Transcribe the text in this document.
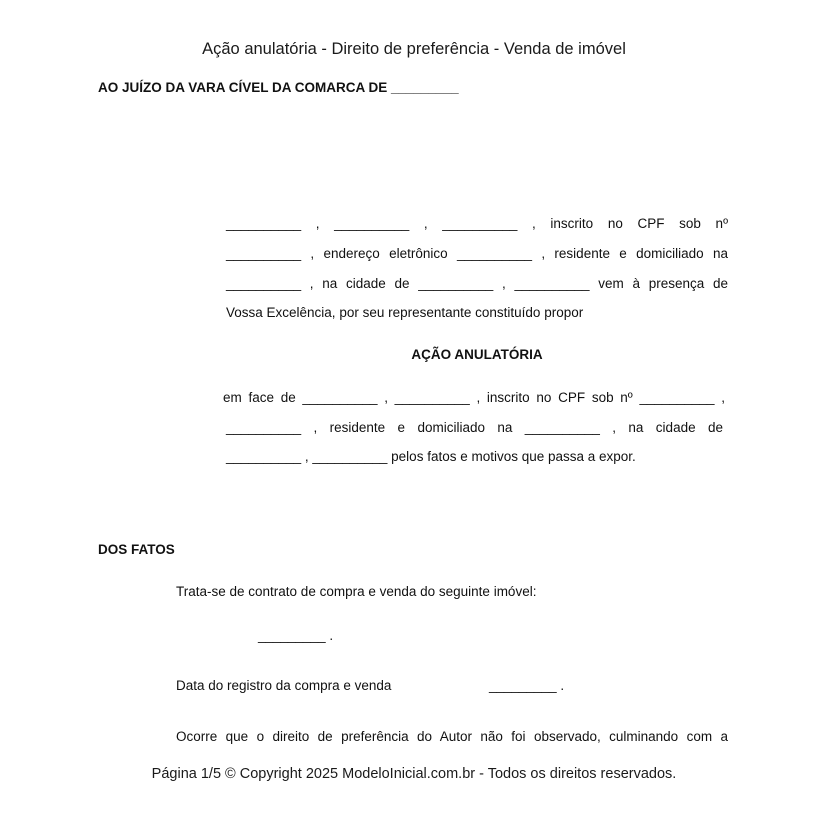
Ação anulatória - Direito de preferência - Venda de imóvel
AO JUÍZO DA VARA CÍVEL DA COMARCA DE _________
__________ , __________ , __________ , inscrito no CPF sob nº
__________ , endereço eletrônico __________ , residente e domiciliado na
__________ , na cidade de __________ , __________ vem à presença de
Vossa Excelência, por seu representante constituído propor
AÇÃO ANULATÓRIA
em face de __________ , __________ , inscrito no CPF sob nº __________ ,
__________ , residente e domiciliado na __________ , na cidade de
__________ , __________ pelos fatos e motivos que passa a expor.
DOS FATOS
Trata-se de contrato de compra e venda do seguinte imóvel:
_________ .
Data do registro da compra e venda	_________ .
Ocorre que o direito de preferência do Autor não foi observado, culminando com a
Página 1/5 © Copyright 2025 ModeloInicial.com.br - Todos os direitos reservados.
